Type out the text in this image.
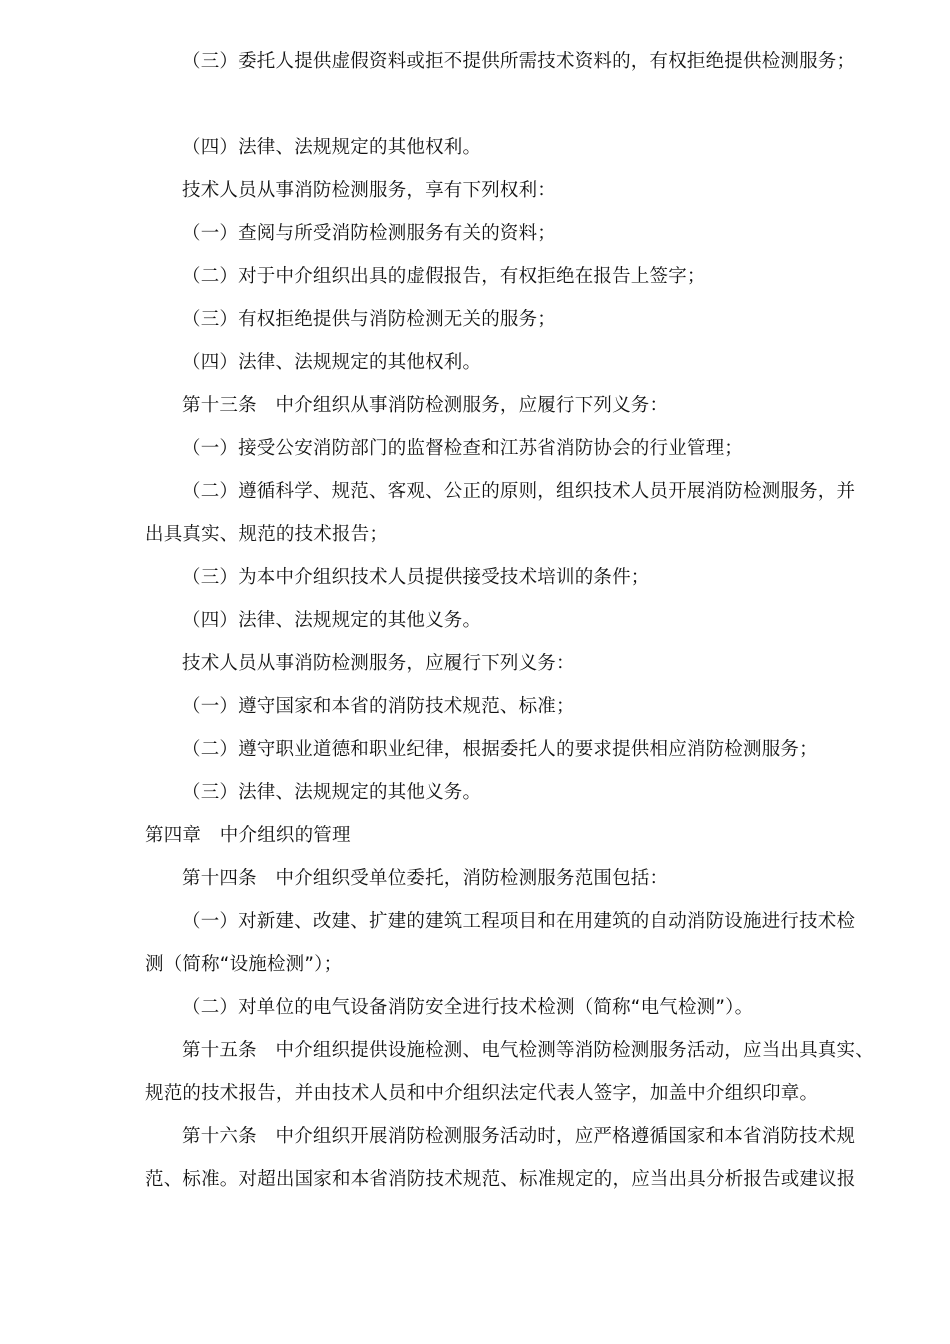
（三）委托人提供虚假资料或拒不提供所需技术资料的，有权拒绝提供检测服务；
（四）法律、法规规定的其他权利。
技术人员从事消防检测服务，享有下列权利：
（一）查阅与所受消防检测服务有关的资料；
（二）对于中介组织出具的虚假报告，有权拒绝在报告上签字；
（三）有权拒绝提供与消防检测无关的服务；
（四）法律、法规规定的其他权利。
第十三条　中介组织从事消防检测服务，应履行下列义务：
（一）接受公安消防部门的监督检查和江苏省消防协会的行业管理；
（二）遵循科学、规范、客观、公正的原则，组织技术人员开展消防检测服务，并
出具真实、规范的技术报告；
（三）为本中介组织技术人员提供接受技术培训的条件；
（四）法律、法规规定的其他义务。
技术人员从事消防检测服务，应履行下列义务：
（一）遵守国家和本省的消防技术规范、标准；
（二）遵守职业道德和职业纪律，根据委托人的要求提供相应消防检测服务；
（三）法律、法规规定的其他义务。
第四章　中介组织的管理
第十四条　中介组织受单位委托，消防检测服务范围包括：
（一）对新建、改建、扩建的建筑工程项目和在用建筑的自动消防设施进行技术检
测（简称“设施检测”）；
（二）对单位的电气设备消防安全进行技术检测（简称“电气检测”）。
第十五条　中介组织提供设施检测、电气检测等消防检测服务活动，应当出具真实、
规范的技术报告，并由技术人员和中介组织法定代表人签字，加盖中介组织印章。
第十六条　中介组织开展消防检测服务活动时，应严格遵循国家和本省消防技术规
范、标准。对超出国家和本省消防技术规范、标准规定的，应当出具分析报告或建议报
